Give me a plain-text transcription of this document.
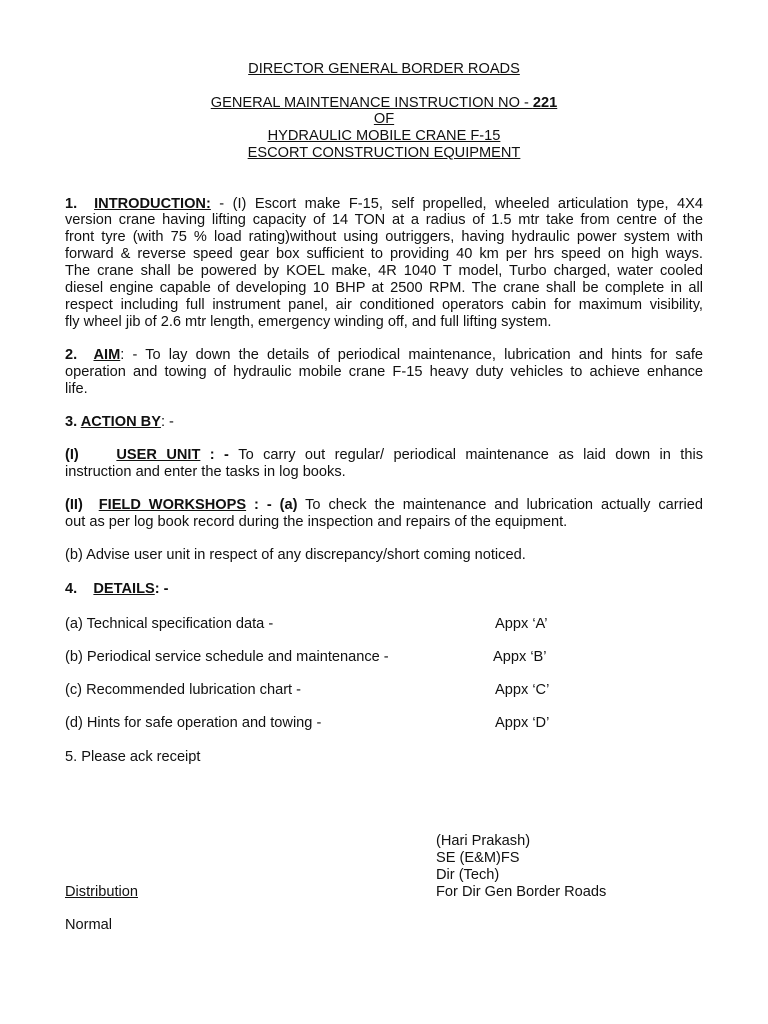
DIRECTOR GENERAL BORDER ROADS
GENERAL MAINTENANCE INSTRUCTION NO - 221
OF
HYDRAULIC MOBILE CRANE F-15
ESCORT CONSTRUCTION EQUIPMENT
1. INTRODUCTION: - (I) Escort make F-15, self propelled, wheeled articulation type, 4X4
version crane having lifting capacity of 14 TON at a radius of 1.5 mtr take from centre of the
front tyre (with 75 % load rating)without using outriggers, having hydraulic power system with
forward & reverse speed gear box sufficient to providing 40 km per hrs speed on high ways.
The crane shall be powered by KOEL make, 4R 1040 T model, Turbo charged, water cooled
diesel engine capable of developing 10 BHP at 2500 RPM. The crane shall be complete in all
respect including full instrument panel, air conditioned operators cabin for maximum visibility,
fly wheel jib of 2.6 mtr length, emergency winding off, and full lifting system.
2. AIM: - To lay down the details of periodical maintenance, lubrication and hints for safe
operation and towing of hydraulic mobile crane F-15 heavy duty vehicles to achieve enhance
life.
3. ACTION BY: -
(I)	USER UNIT : - To carry out regular/ periodical maintenance as laid down in this
instruction and enter the tasks in log books.
(II) FIELD WORKSHOPS : - (a) To check the maintenance and lubrication actually carried
out as per log book record during the inspection and repairs of the equipment.
(b) Advise user unit in respect of any discrepancy/short coming noticed.
4. DETAILS: -
(a) Technical specification data -	Appx ‘A’
(b) Periodical service schedule and maintenance -	Appx ‘B’
(c) Recommended lubrication chart -	Appx ‘C’
(d) Hints for safe operation and towing -	Appx ‘D’
5. Please ack receipt
(Hari Prakash)
SE (E&M)FS
Dir (Tech)
For Dir Gen Border Roads
Distribution
Normal
